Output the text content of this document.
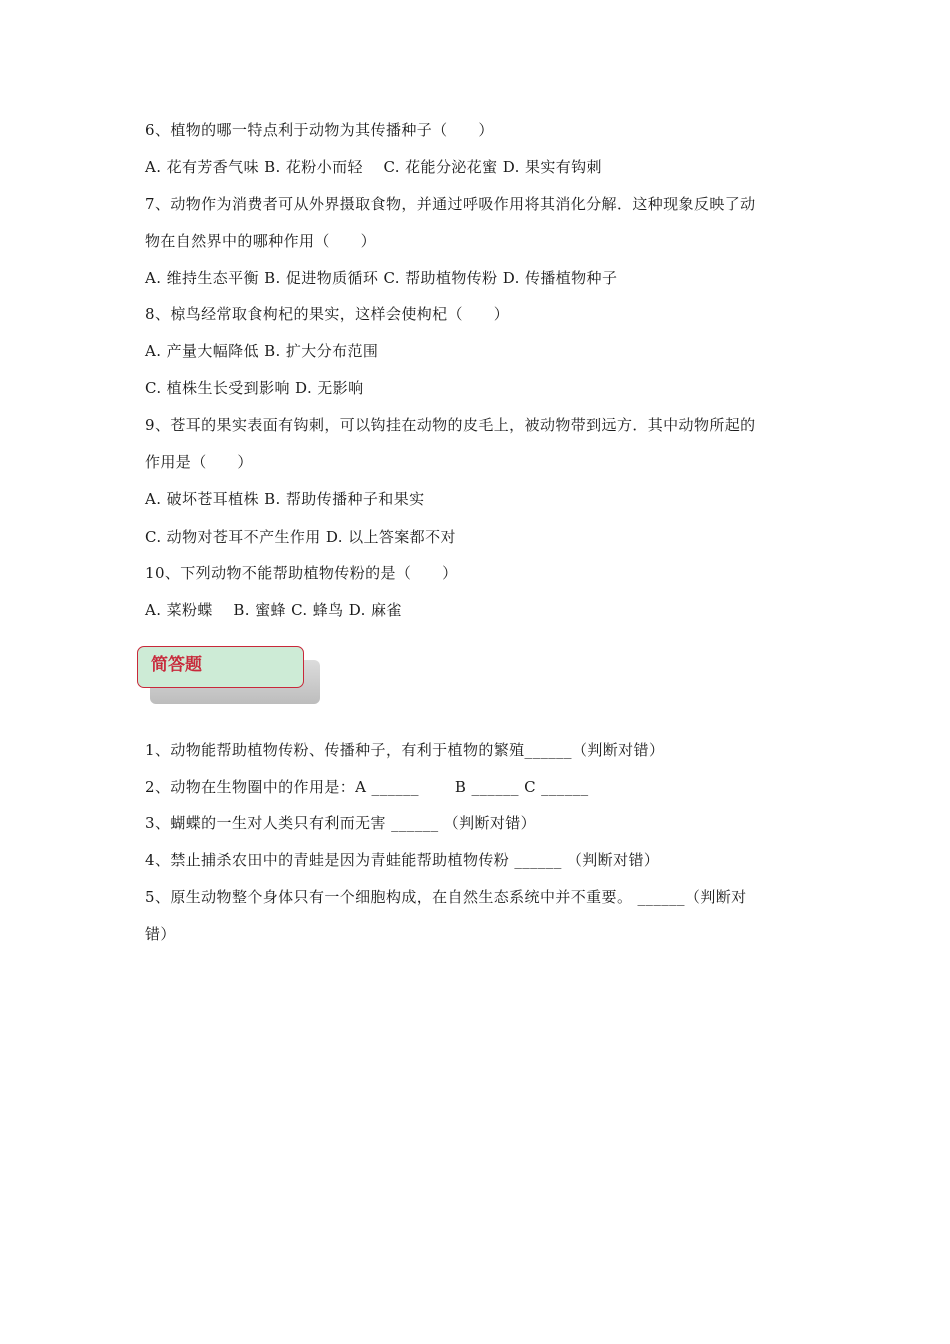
6、植物的哪一特点利于动物为其传播种子（　　）
A. 花有芳香气味 B. 花粉小而轻　 C. 花能分泌花蜜 D. 果实有钩刺
7、动物作为消费者可从外界摄取食物，并通过呼吸作用将其消化分解．这种现象反映了动
物在自然界中的哪种作用（　　）
A. 维持生态平衡 B. 促进物质循环 C. 帮助植物传粉 D. 传播植物种子
8、椋鸟经常取食枸杞的果实，这样会使枸杞（　　）
A. 产量大幅降低 B. 扩大分布范围
C. 植株生长受到影响 D. 无影响
9、苍耳的果实表面有钩刺，可以钩挂在动物的皮毛上，被动物带到远方．其中动物所起的
作用是（　　）
A. 破坏苍耳植株 B. 帮助传播种子和果实
C. 动物对苍耳不产生作用 D. 以上答案都不对
10、下列动物不能帮助植物传粉的是（　　）
A. 菜粉蝶　 B. 蜜蜂 C. 蜂鸟 D. 麻雀
简答题
1、动物能帮助植物传粉、传播种子，有利于植物的繁殖______（判断对错）
2、动物在生物圈中的作用是：A ______　　 B ______ C ______
3、蝴蝶的一生对人类只有利而无害 ______ （判断对错）
4、禁止捕杀农田中的青蛙是因为青蛙能帮助植物传粉 ______ （判断对错）
5、原生动物整个身体只有一个细胞构成，在自然生态系统中并不重要。 ______（判断对
错）
